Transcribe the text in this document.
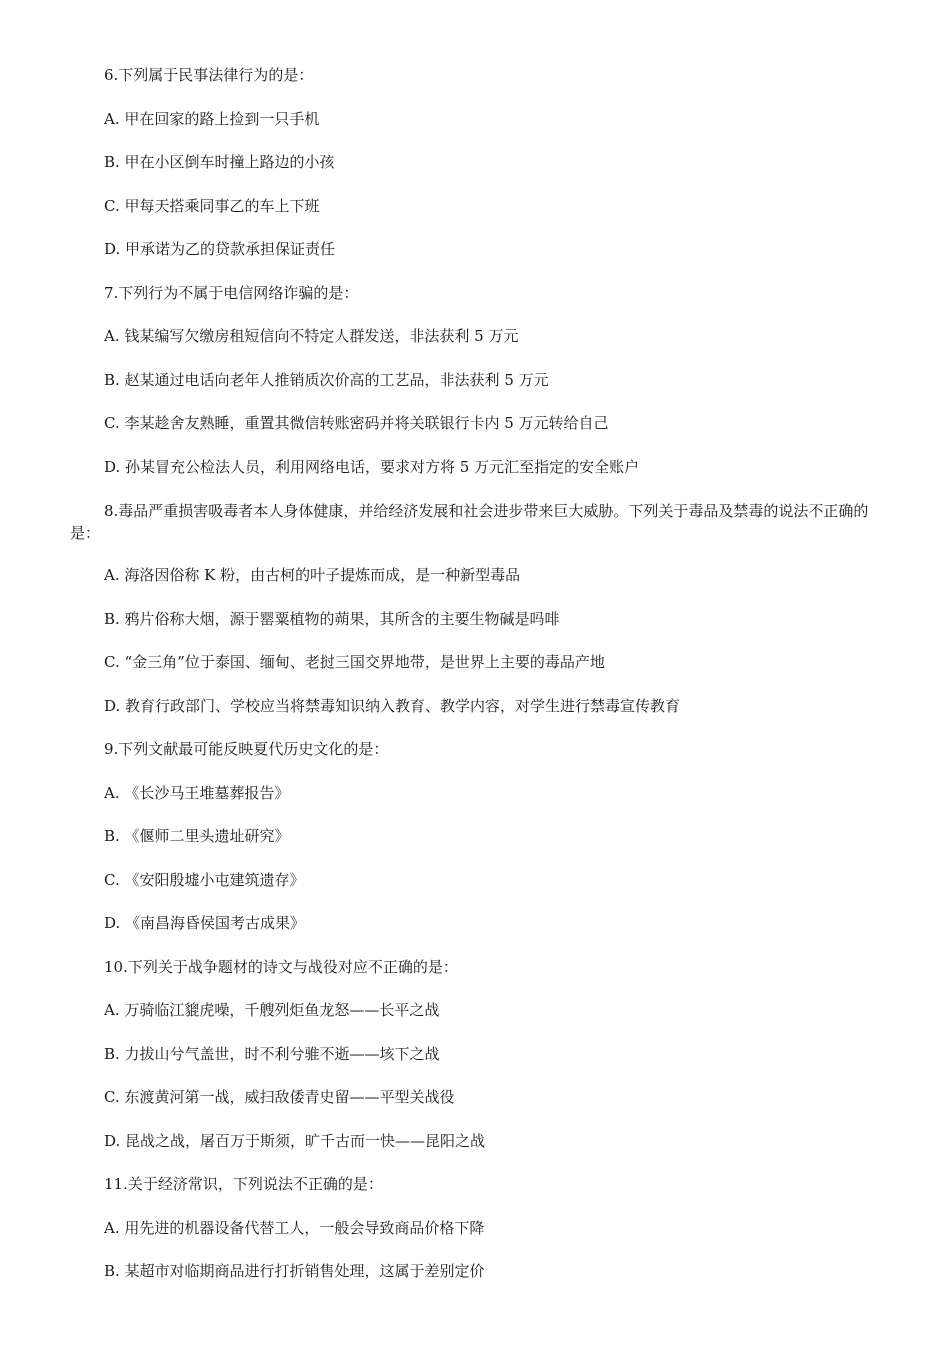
6.下列属于民事法律行为的是：
A. 甲在回家的路上捡到一只手机
B. 甲在小区倒车时撞上路边的小孩
C. 甲每天搭乘同事乙的车上下班
D. 甲承诺为乙的贷款承担保证责任
7.下列行为不属于电信网络诈骗的是：
A. 钱某编写欠缴房租短信向不特定人群发送，非法获利 5 万元
B. 赵某通过电话向老年人推销质次价高的工艺品，非法获利 5 万元
C. 李某趁舍友熟睡，重置其微信转账密码并将关联银行卡内 5 万元转给自己
D. 孙某冒充公检法人员，利用网络电话，要求对方将 5 万元汇至指定的安全账户
8.毒品严重损害吸毒者本人身体健康，并给经济发展和社会进步带来巨大威胁。下列关于毒品及禁毒的说法不正确的是：
A. 海洛因俗称 K 粉，由古柯的叶子提炼而成，是一种新型毒品
B. 鸦片俗称大烟，源于罂粟植物的蒴果，其所含的主要生物碱是吗啡
C. “金三角”位于泰国、缅甸、老挝三国交界地带，是世界上主要的毒品产地
D. 教育行政部门、学校应当将禁毒知识纳入教育、教学内容，对学生进行禁毒宣传教育
9.下列文献最可能反映夏代历史文化的是：
A. 《长沙马王堆墓葬报告》
B. 《偃师二里头遗址研究》
C. 《安阳殷墟小屯建筑遗存》
D. 《南昌海昏侯国考古成果》
10.下列关于战争题材的诗文与战役对应不正确的是：
A. 万骑临江貔虎噪，千艘列炬鱼龙怒——长平之战
B. 力拔山兮气盖世，时不利兮骓不逝——垓下之战
C. 东渡黄河第一战，威扫敌倭青史留——平型关战役
D. 昆战之战，屠百万于斯须，旷千古而一快——昆阳之战
11.关于经济常识，下列说法不正确的是：
A. 用先进的机器设备代替工人，一般会导致商品价格下降
B. 某超市对临期商品进行打折销售处理，这属于差别定价
